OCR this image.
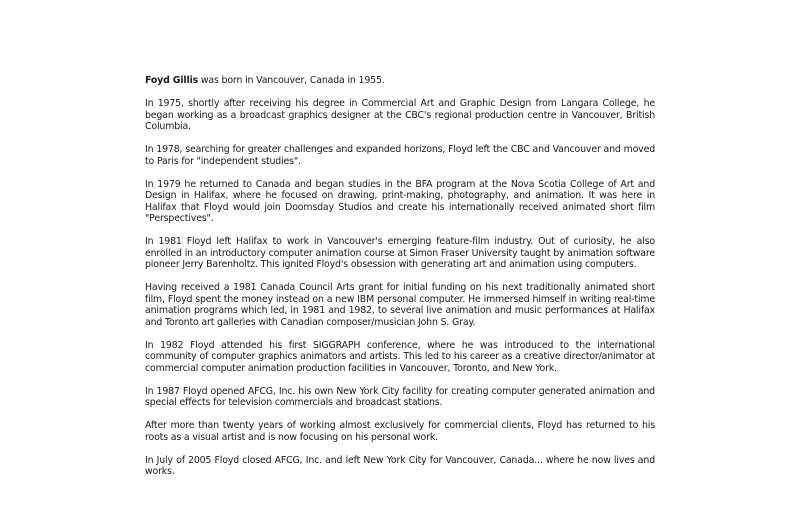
Foyd Gillis was born in Vancouver, Canada in 1955.

In 1975, shortly after receiving his degree in Commercial Art and Graphic Design from Langara College, he began working as a broadcast graphics designer at the CBC's regional production centre in Vancouver, British Columbia.

In 1978, searching for greater challenges and expanded horizons, Floyd left the CBC and Vancouver and moved to Paris for "independent studies".

In 1979 he returned to Canada and began studies in the BFA program at the Nova Scotia College of Art and Design in Halifax, where he focused on drawing, print-making, photography, and animation. It was here in Halifax that Floyd would join Doomsday Studios and create his internationally received animated short film "Perspectives".

In 1981 Floyd left Halifax to work in Vancouver's emerging feature-film industry. Out of curiosity, he also enrolled in an introductory computer animation course at Simon Fraser University taught by animation software pioneer Jerry Barenholtz. This ignited Floyd's obsession with generating art and animation using computers.

Having received a 1981 Canada Council Arts grant for initial funding on his next traditionally animated short film, Floyd spent the money instead on a new IBM personal computer. He immersed himself in writing real-time animation programs which led, in 1981 and 1982, to several live animation and music performances at Halifax and Toronto art galleries with Canadian composer/musician John S. Gray.

In 1982 Floyd attended his first SIGGRAPH conference, where he was introduced to the international community of computer graphics animators and artists. This led to his career as a creative director/animator at commercial computer animation production facilities in Vancouver, Toronto, and New York.

In 1987 Floyd opened AFCG, Inc. his own New York City facility for creating computer generated animation and special effects for television commercials and broadcast stations.

After more than twenty years of working almost exclusively for commercial clients, Floyd has returned to his roots as a visual artist and is now focusing on his personal work.

In July of 2005 Floyd closed AFCG, Inc. and left New York City for Vancouver, Canada... where he now lives and works.
